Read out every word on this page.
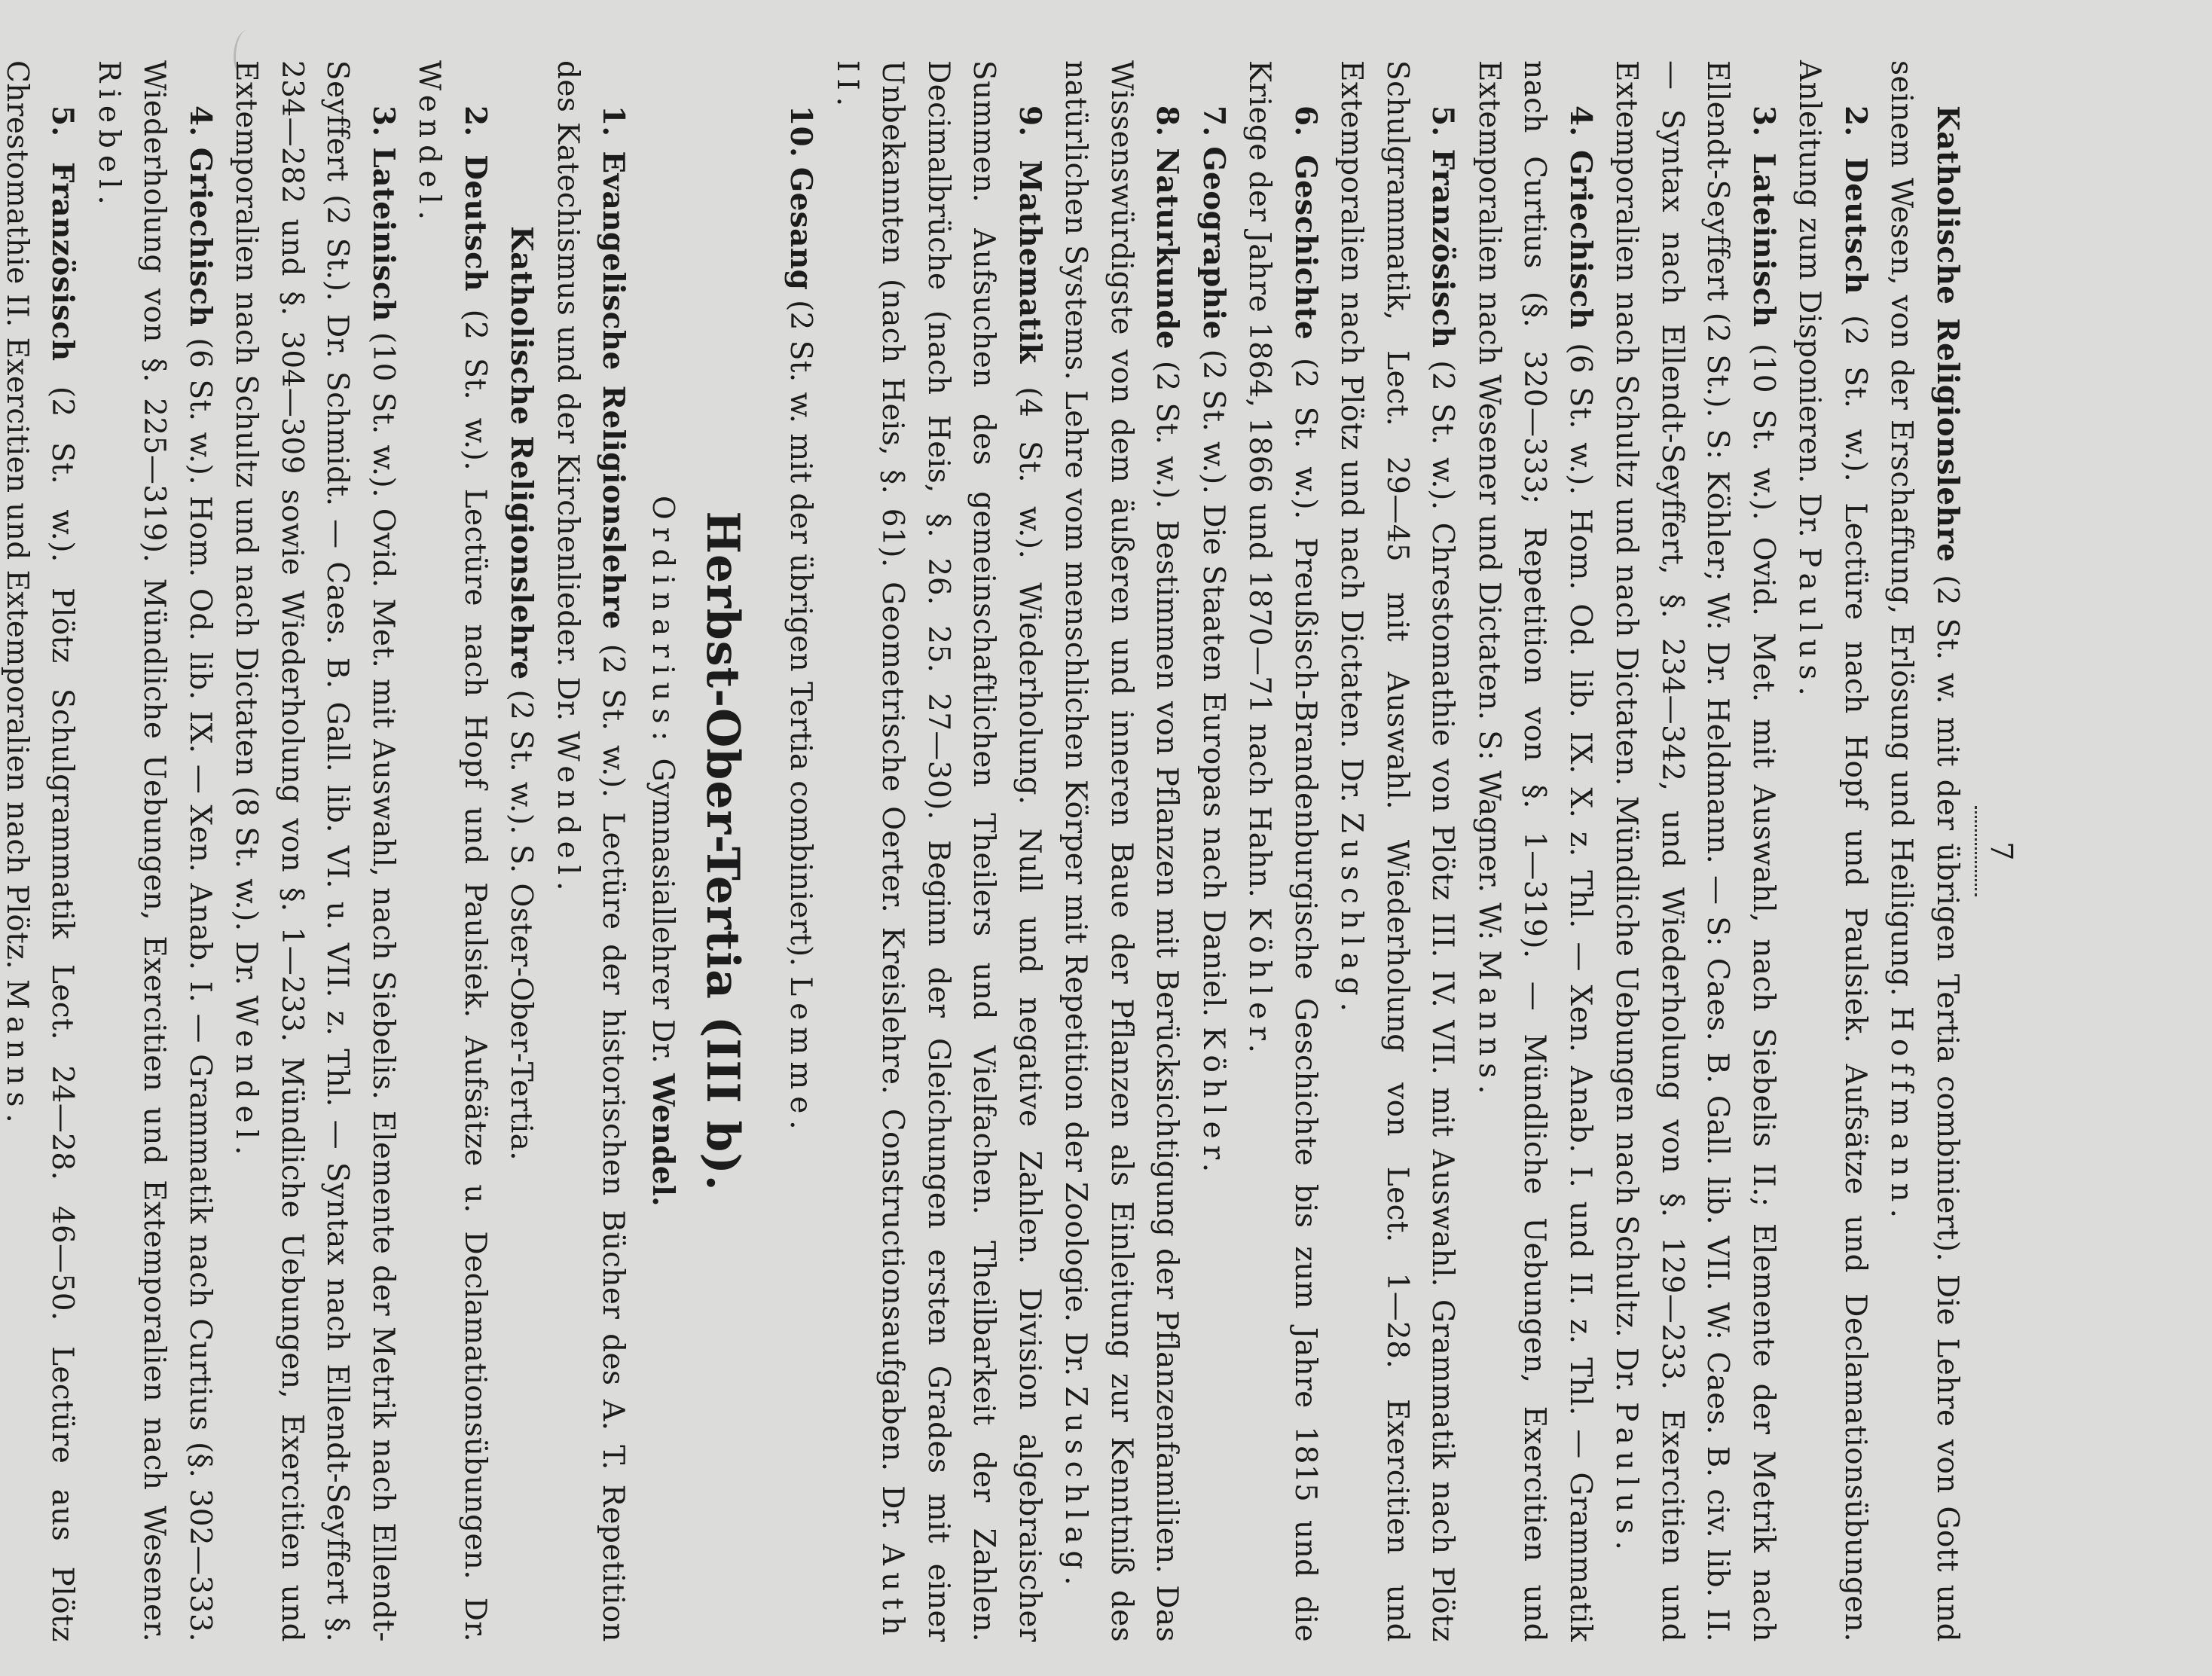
7

Katholische Religionslehre (2 St. w. mit der übrigen Tertia combiniert). Die Lehre von Gott und seinem Wesen, von der Erschaffung, Erlösung und Heiligung. Hoffmann.

2. Deutsch (2 St. w.). Lectüre nach Hopf und Paulsiek. Aufsätze und Declamationsübungen. Anleitung zum Disponieren. Dr. Paulus.

3. Lateinisch (10 St. w.). Ovid. Met. mit Auswahl, nach Siebelis II.; Elemente der Metrik nach Ellendt-Seyffert (2 St.). S: Köhler; W: Dr. Heldmann. — S: Caes. B. Gall. lib. VII. W: Caes. B. civ. lib. II. — Syntax nach Ellendt-Seyffert, §. 234—342, und Wiederholung von §. 129—233. Exercitien und Extemporalien nach Schultz und nach Dictaten. Mündliche Uebungen nach Schultz. Dr. Paulus.

4. Griechisch (6 St. w.). Hom. Od. lib. IX. X. z. Thl. — Xen. Anab. I. und II. z. Thl. — Grammatik nach Curtius (§. 320—333; Repetition von §. 1—319). — Mündliche Uebungen, Exercitien und Extemporalien nach Wesener und Dictaten. S: Wagner. W: Manns.

5. Französisch (2 St. w.). Chrestomathie von Plötz III. IV. VII. mit Auswahl. Grammatik nach Plötz Schulgrammatik, Lect. 29—45 mit Auswahl. Wiederholung von Lect. 1—28. Exercitien und Extemporalien nach Plötz und nach Dictaten. Dr. Zuschlag.

6. Geschichte (2 St. w.). Preußisch-Brandenburgische Geschichte bis zum Jahre 1815 und die Kriege der Jahre 1864, 1866 und 1870—71 nach Hahn. Köhler.

7. Geographie (2 St. w.). Die Staaten Europas nach Daniel. Köhler.

8. Naturkunde (2 St. w.). Bestimmen von Pflanzen mit Berücksichtigung der Pflanzenfamilien. Das Wissenswürdigste von dem äußeren und inneren Baue der Pflanzen als Einleitung zur Kenntniß des natürlichen Systems. Lehre vom menschlichen Körper mit Repetition der Zoologie. Dr. Zuschlag.

9. Mathematik (4 St. w.). Wiederholung. Null und negative Zahlen. Division algebraischer Summen. Aufsuchen des gemeinschaftlichen Theilers und Vielfachen. Theilbarkeit der Zahlen. Decimalbrüche (nach Heis, §. 26. 25. 27—30). Beginn der Gleichungen ersten Grades mit einer Unbekannten (nach Heis, §. 61). Geometrische Oerter. Kreislehre. Constructionsaufgaben. Dr. Auth II.

10. Gesang (2 St. w. mit der übrigen Tertia combiniert). Lemme.

Herbst-Ober-Tertia (III b).

Ordinarius: Gymnasiallehrer Dr. Wendel.

1. Evangelische Religionslehre (2 St. w.). Lectüre der historischen Bücher des A. T. Repetition des Katechismus und der Kirchenlieder. Dr. Wendel.

Katholische Religionslehre (2 St. w.). S. Oster-Ober-Tertia.

2. Deutsch (2 St. w.). Lectüre nach Hopf und Paulsiek. Aufsätze u. Declamationsübungen. Dr. Wendel.

3. Lateinisch (10 St. w.). Ovid. Met. mit Auswahl, nach Siebelis. Elemente der Metrik nach Ellendt-Seyffert (2 St.). Dr. Schmidt. — Caes. B. Gall. lib. VI. u. VII. z. Thl. — Syntax nach Ellendt-Seyffert §. 234—282 und §. 304—309 sowie Wiederholung von §. 1—233. Mündliche Uebungen, Exercitien und Extemporalien nach Schultz und nach Dictaten (8 St. w.). Dr. Wendel.

4. Griechisch (6 St. w.). Hom. Od. lib. IX. — Xen. Anab. I. — Grammatik nach Curtius (§. 302—333. Wiederholung von §. 225—319). Mündliche Uebungen, Exercitien und Extemporalien nach Wesener. Riebel.

5. Französisch (2 St. w.). Plötz Schulgrammatik Lect. 24—28. 46—50. Lectüre aus Plötz Chrestomathie II. Exercitien und Extemporalien nach Plötz. Manns.
